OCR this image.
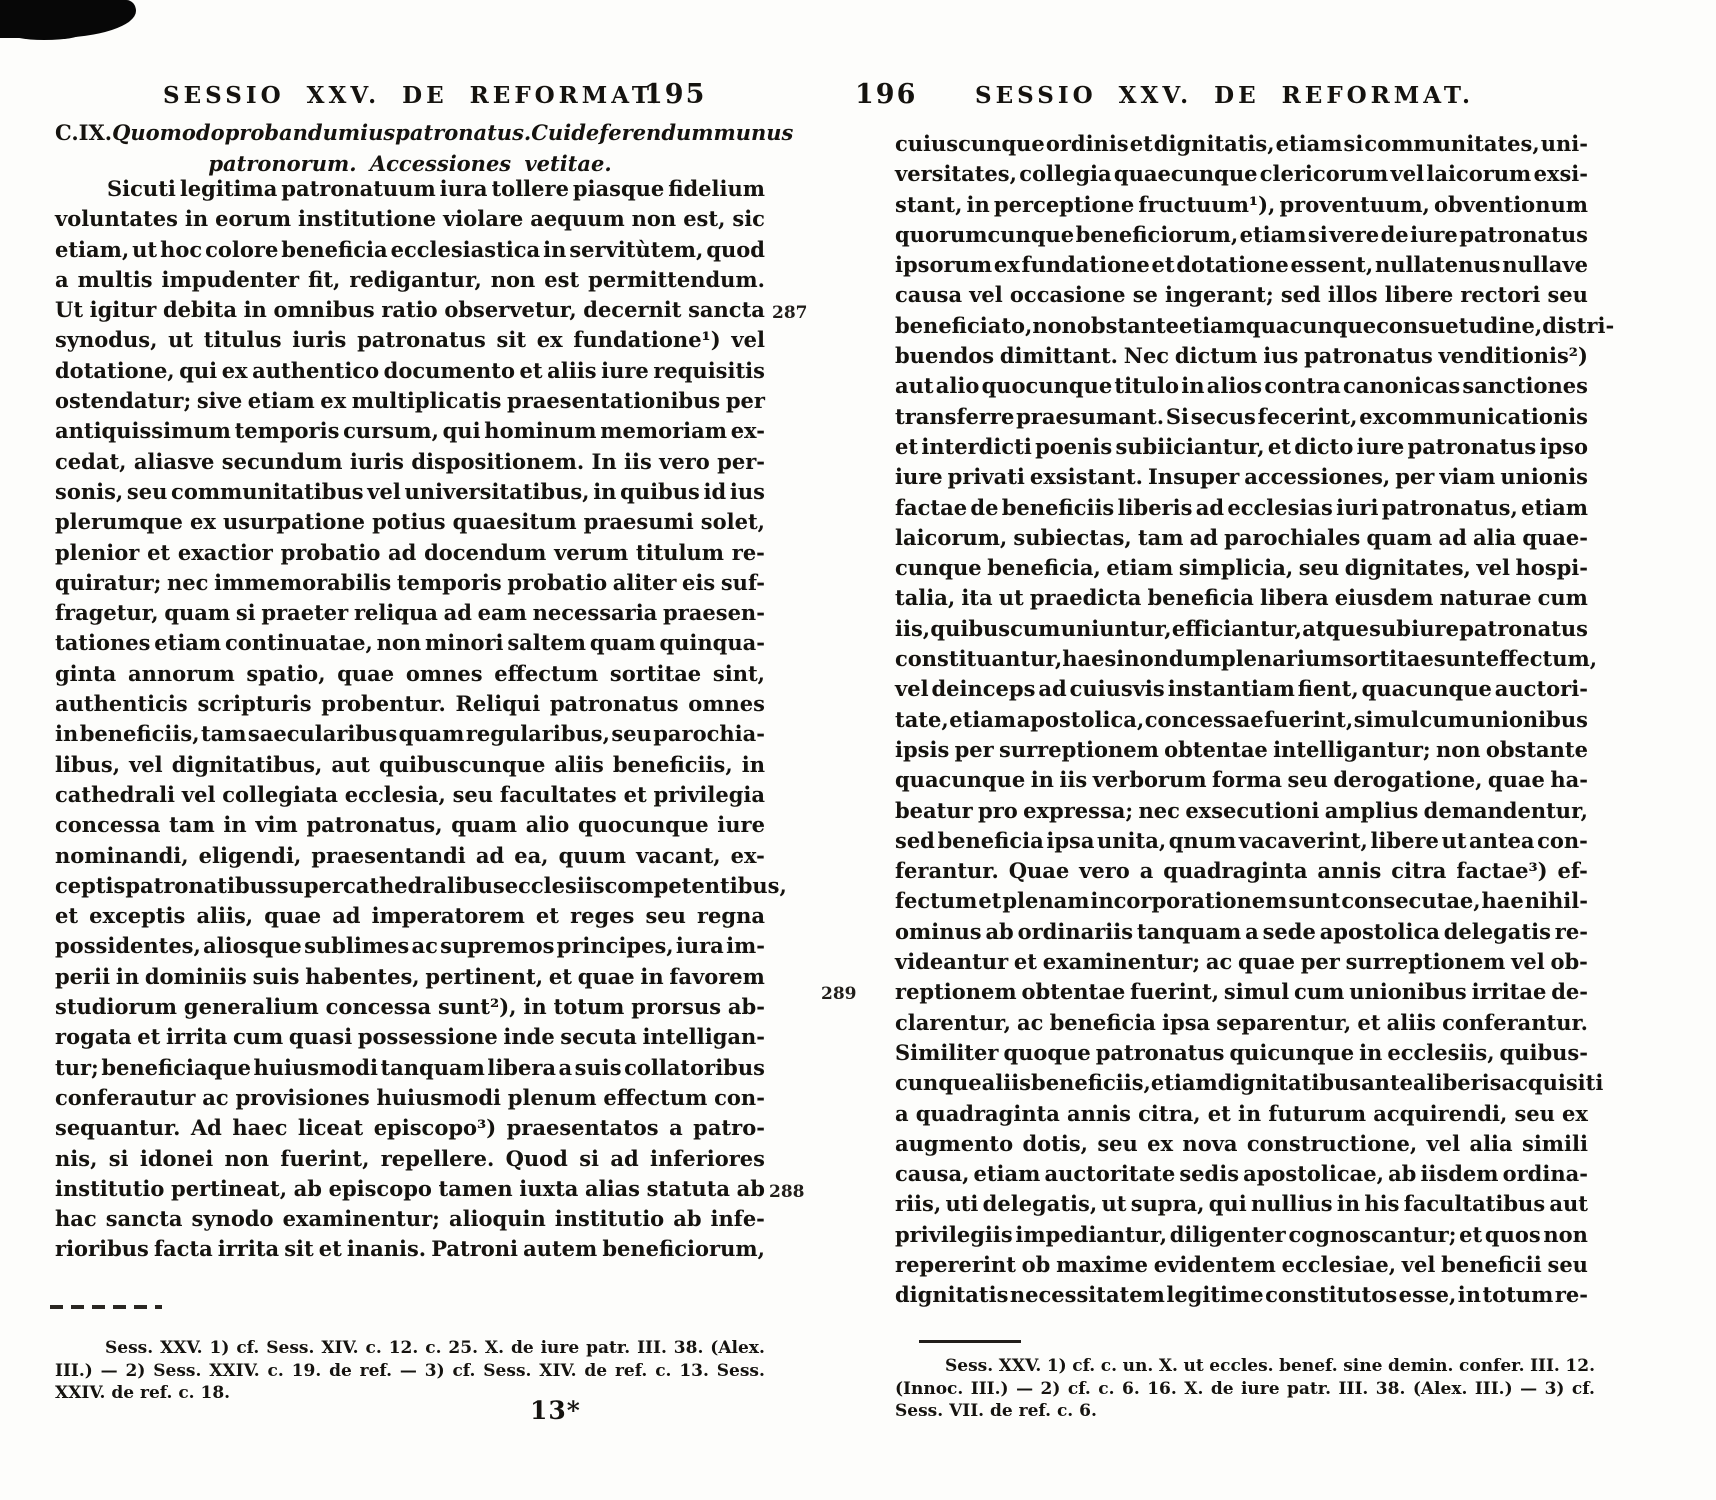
SESSIO XXV. DE REFORMAT.
195	196	SESSIO XXV. DE REFORMAT.
C. IX. Quomodo probandum ius patronatus. Cui deferendum munus
patronorum. Accessiones vetitae.
Sicuti legitima patronatuum iura tollere piasque fidelium
voluntates in eorum institutione violare aequum non est, sic
etiam, ut hoc colore beneficia ecclesiastica in servitùtem, quod
a multis impudenter fit, redigantur, non est permittendum.
Ut igitur debita in omnibus ratio observetur, decernit sancta
synodus, ut titulus iuris patronatus sit ex fundatione¹) vel
dotatione, qui ex authentico documento et aliis iure requisitis
ostendatur; sive etiam ex multiplicatis praesentationibus per
antiquissimum temporis cursum, qui hominum memoriam ex-
cedat, aliasve secundum iuris dispositionem. In iis vero per-
sonis, seu communitatibus vel universitatibus, in quibus id ius
plerumque ex usurpatione potius quaesitum praesumi solet,
plenior et exactior probatio ad docendum verum titulum re-
quiratur; nec immemorabilis temporis probatio aliter eis suf-
fragetur, quam si praeter reliqua ad eam necessaria praesen-
tationes etiam continuatae, non minori saltem quam quinqua-
ginta annorum spatio, quae omnes effectum sortitae sint,
authenticis scripturis probentur. Reliqui patronatus omnes
in beneficiis, tam saecularibus quam regularibus, seu parochia-
libus, vel dignitatibus, aut quibuscunque aliis beneficiis, in
cathedrali vel collegiata ecclesia, seu facultates et privilegia
concessa tam in vim patronatus, quam alio quocunque iure
nominandi, eligendi, praesentandi ad ea, quum vacant, ex-
ceptis patronatibus super cathedralibus ecclesiis competentibus,
et exceptis aliis, quae ad imperatorem et reges seu regna
possidentes, aliosque sublimes ac supremos principes, iura im-
perii in dominiis suis habentes, pertinent, et quae in favorem
studiorum generalium concessa sunt²), in totum prorsus ab-
rogata et irrita cum quasi possessione inde secuta intelligan-
tur; beneficiaque huiusmodi tanquam libera a suis collatoribus
conferautur ac provisiones huiusmodi plenum effectum con-
sequantur. Ad haec liceat episcopo³) praesentatos a patro-
nis, si idonei non fuerint, repellere. Quod si ad inferiores
institutio pertineat, ab episcopo tamen iuxta alias statuta ab
hac sancta synodo examinentur; alioquin institutio ab infe-
rioribus facta irrita sit et inanis. Patroni autem beneficiorum,
cuiuscunque ordinis et dignitatis, etiam si communitates, uni-
versitates, collegia quaecunque clericorum vel laicorum exsi-
stant, in perceptione fructuum¹), proventuum, obventionum
quorumcunque beneficiorum, etiam si vere de iure patronatus
ipsorum ex fundatione et dotatione essent, nullatenus nullave
causa vel occasione se ingerant; sed illos libere rectori seu
beneficiato, non obstante etiam quacunque consuetudine, distri-
buendos dimittant. Nec dictum ius patronatus venditionis²)
aut alio quocunque titulo in alios contra canonicas sanctiones
transferre praesumant. Si secus fecerint, excommunicationis
et interdicti poenis subiiciantur, et dicto iure patronatus ipso
iure privati exsistant. Insuper accessiones, per viam unionis
factae de beneficiis liberis ad ecclesias iuri patronatus, etiam
laicorum, subiectas, tam ad parochiales quam ad alia quae-
cunque beneficia, etiam simplicia, seu dignitates, vel hospi-
talia, ita ut praedicta beneficia libera eiusdem naturae cum
iis, quibuscum uniuntur, efficiantur, atque sub iure patronatus
constituantur, hae si nondum plenarium sortitae sunt effectum,
vel deinceps ad cuiusvis instantiam fient, quacunque auctori-
tate, etiam apostolica, concessae fuerint, simul cum unionibus
ipsis per surreptionem obtentae intelligantur; non obstante
quacunque in iis verborum forma seu derogatione, quae ha-
beatur pro expressa; nec exsecutioni amplius demandentur,
sed beneficia ipsa unita, qnum vacaverint, libere ut antea con-
ferantur. Quae vero a quadraginta annis citra factae³) ef-
fectum et plenam incorporationem sunt consecutae, hae nihil-
ominus ab ordinariis tanquam a sede apostolica delegatis re-
videantur et examinentur; ac quae per surreptionem vel ob-
reptionem obtentae fuerint, simul cum unionibus irritae de-
clarentur, ac beneficia ipsa separentur, et aliis conferantur.
Similiter quoque patronatus quicunque in ecclesiis, quibus-
cunque aliis beneficiis, etiam dignitatibus antea liberis acquisiti
a quadraginta annis citra, et in futurum acquirendi, seu ex
augmento dotis, seu ex nova constructione, vel alia simili
causa, etiam auctoritate sedis apostolicae, ab iisdem ordina-
riis, uti delegatis, ut supra, qui nullius in his facultatibus aut
privilegiis impediantur, diligenter cognoscantur; et quos non
repererint ob maxime evidentem ecclesiae, vel beneficii seu
dignitatis necessitatem legitime constitutos esse, in totum re-
287
288
289
Sess. XXV. 1) cf. Sess. XIV. c. 12. c. 25. X. de iure patr. III. 38. (Alex.
III.) — 2) Sess. XXIV. c. 19. de ref. — 3) cf. Sess. XIV. de ref. c. 13. Sess.
XXIV. de ref. c. 18.
Sess. XXV. 1) cf. c. un. X. ut eccles. benef. sine demin. confer. III. 12.
(Innoc. III.) — 2) cf. c. 6. 16. X. de iure patr. III. 38. (Alex. III.) — 3) cf.
Sess. VII. de ref. c. 6.
13*
